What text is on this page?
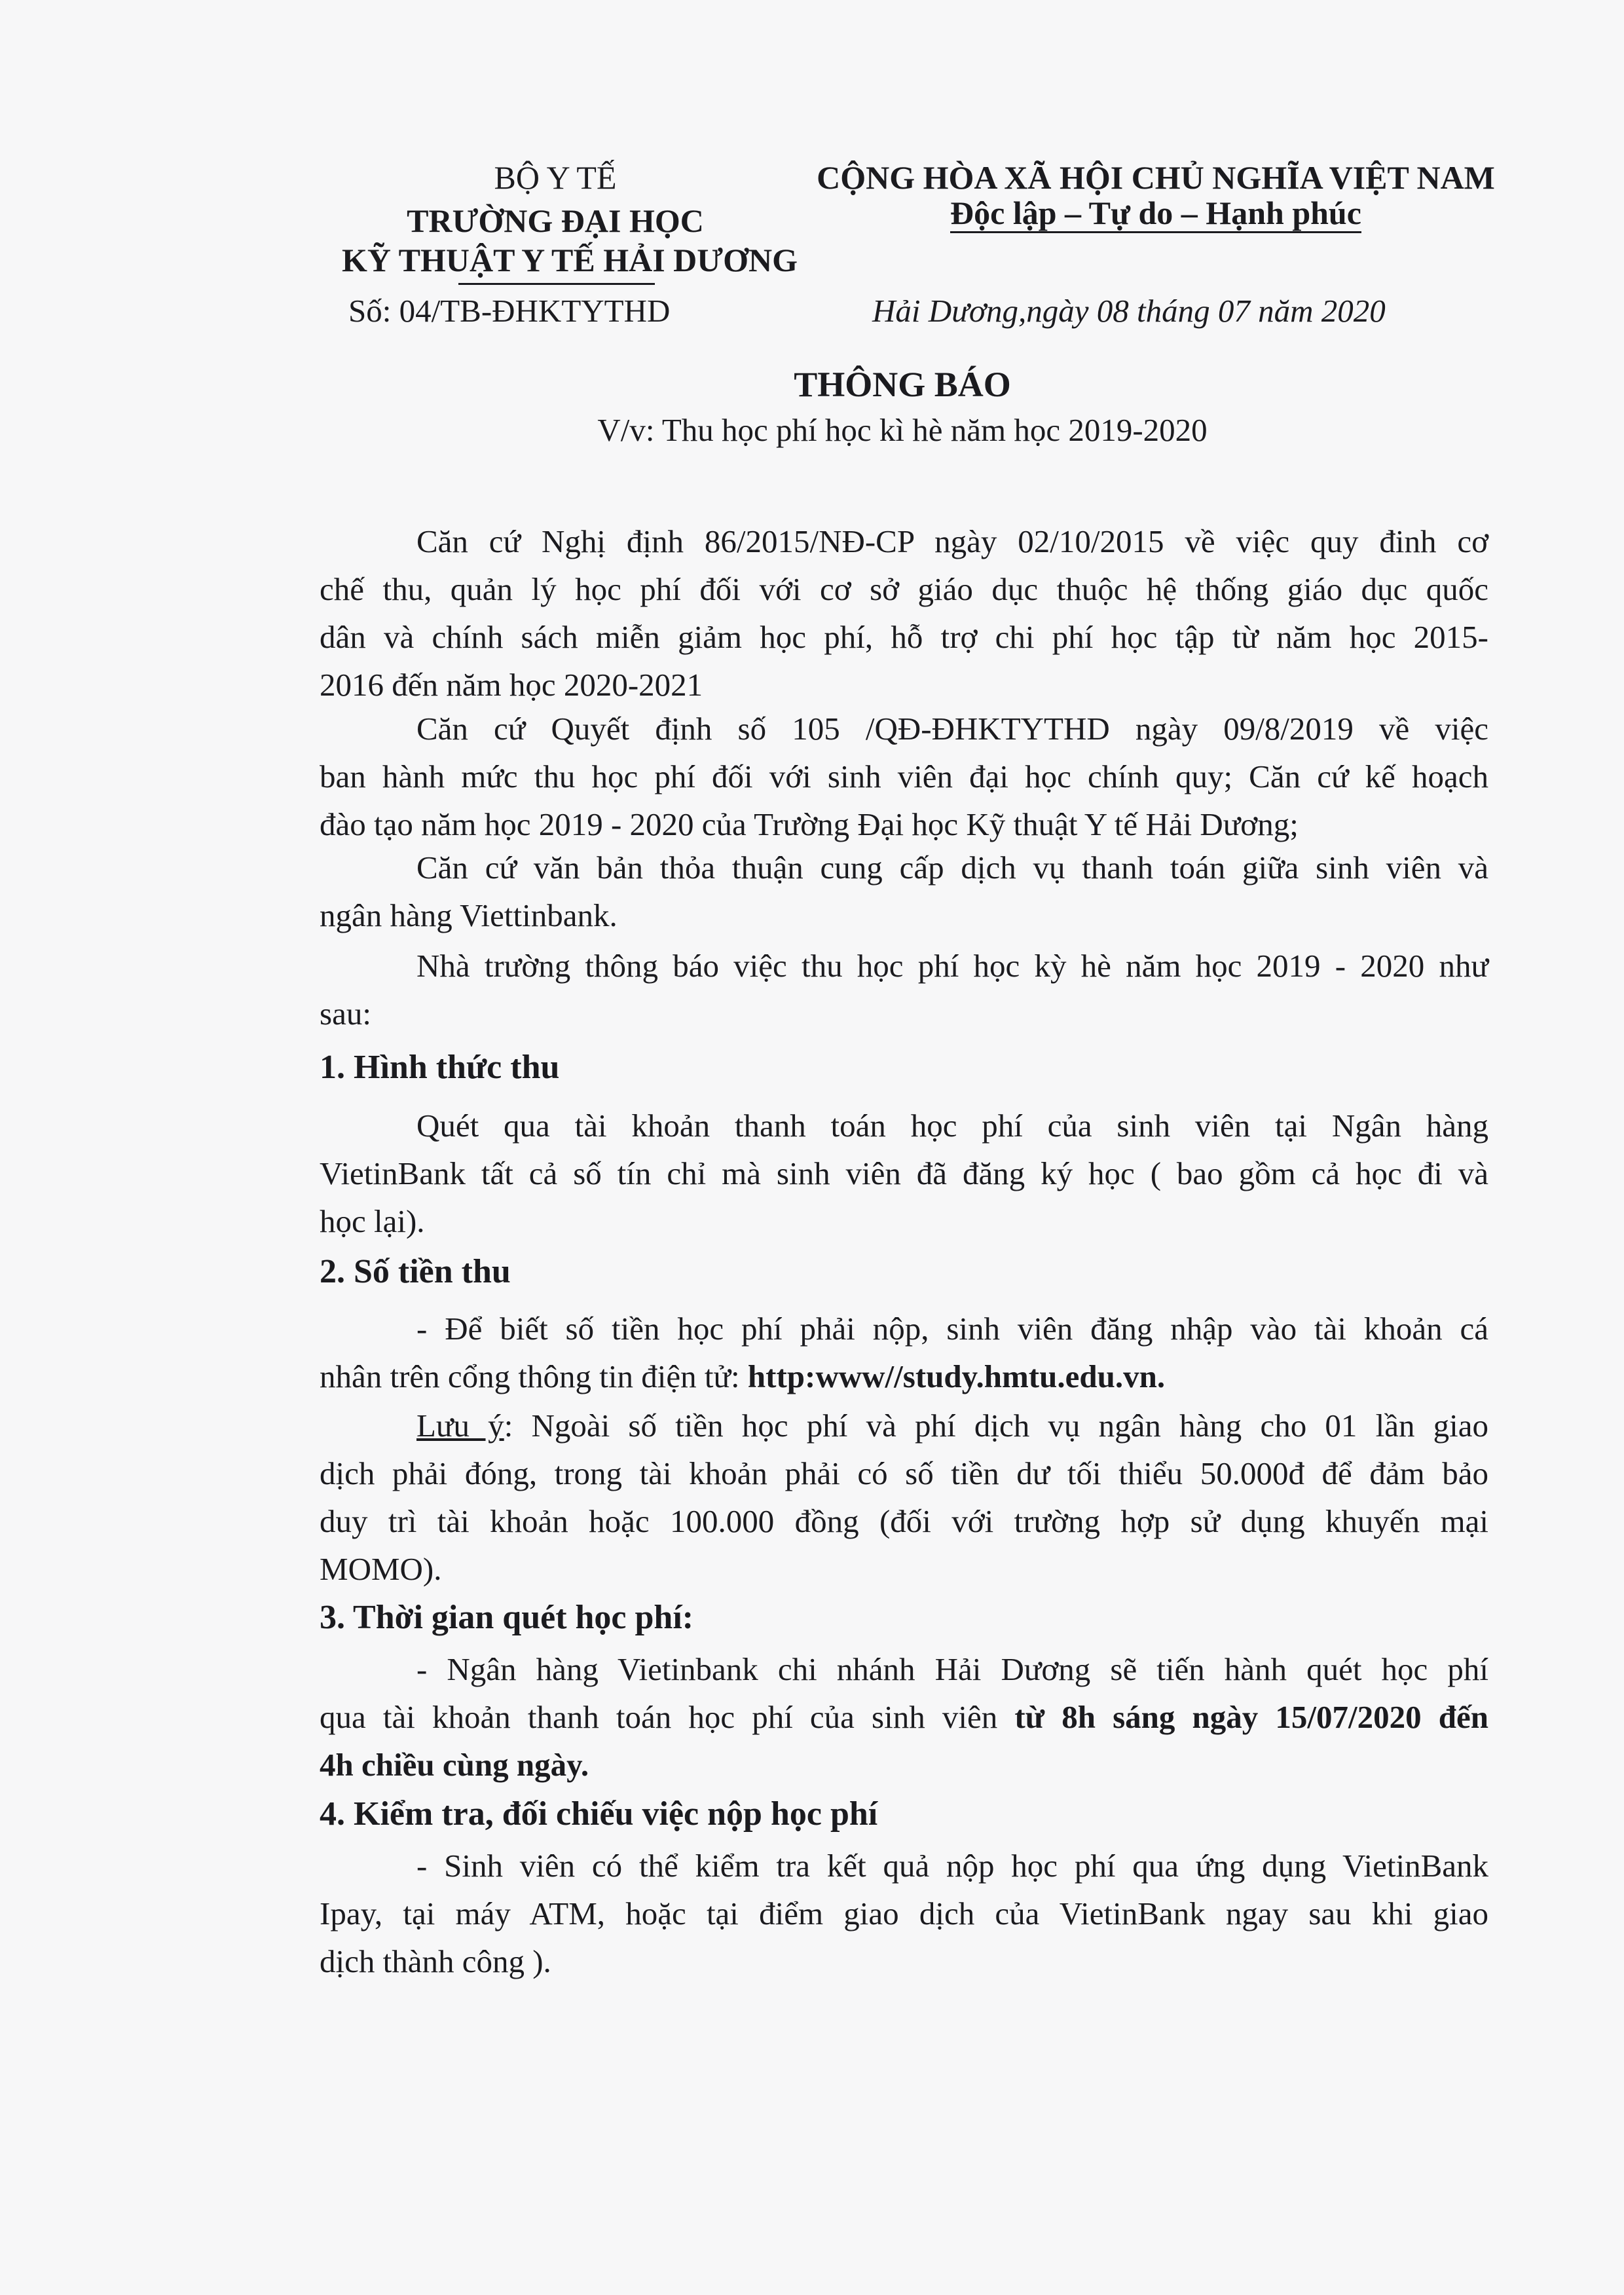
BỘ Y TẾ
TRƯỜNG ĐẠI HỌC
KỸ THUẬT Y TẾ HẢI DƯƠNG
Số: 04/TB-ĐHKTYTHD
CỘNG HÒA XÃ HỘI CHỦ NGHĨA VIỆT NAM
Độc lập – Tự do – Hạnh phúc
Hải Dương,ngày 08 tháng 07 năm 2020
THÔNG BÁO
V/v: Thu học phí học kì hè năm học 2019-2020
Căn cứ Nghị định 86/2015/NĐ-CP ngày 02/10/2015 về việc quy đinh cơ
chế thu, quản lý học phí đối với cơ sở giáo dục thuộc hệ thống giáo dục quốc
dân và chính sách miễn giảm học phí, hỗ trợ chi phí học tập từ năm học 2015-
2016 đến năm học 2020-2021
Căn cứ Quyết định số 105 /QĐ-ĐHKTYTHD ngày 09/8/2019 về việc
ban hành mức thu học phí đối với sinh viên đại học chính quy; Căn cứ kế hoạch
đào tạo năm học 2019 - 2020 của Trường Đại học Kỹ thuật Y tế Hải Dương;
Căn cứ văn bản thỏa thuận cung cấp dịch vụ thanh toán giữa sinh viên và
ngân hàng Viettinbank.
Nhà trường thông báo việc thu học phí học kỳ hè năm học 2019 - 2020 như
sau:
1. Hình thức thu
Quét qua tài khoản thanh toán học phí của sinh viên tại Ngân hàng
VietinBank tất cả số tín chỉ mà sinh viên đã đăng ký học ( bao gồm cả học đi và
học lại).
2. Số tiền thu
- Để biết số tiền học phí phải nộp, sinh viên đăng nhập vào tài khoản cá
nhân trên cổng thông tin điện tử: http:www//study.hmtu.edu.vn.
Lưu ý: Ngoài số tiền học phí và phí dịch vụ ngân hàng cho 01 lần giao
dịch phải đóng, trong tài khoản phải có số tiền dư tối thiểu 50.000đ để đảm bảo
duy trì tài khoản hoặc 100.000 đồng (đối với trường hợp sử dụng khuyến mại
MOMO).
3. Thời gian quét học phí:
- Ngân hàng Vietinbank chi nhánh Hải Dương sẽ tiến hành quét học phí
qua tài khoản thanh toán học phí của sinh viên từ 8h sáng ngày 15/07/2020 đến
4h chiều cùng ngày.
4. Kiểm tra, đối chiếu việc nộp học phí
- Sinh viên có thể kiểm tra kết quả nộp học phí qua ứng dụng VietinBank
Ipay, tại máy ATM, hoặc tại điểm giao dịch của VietinBank ngay sau khi giao
dịch thành công ).
